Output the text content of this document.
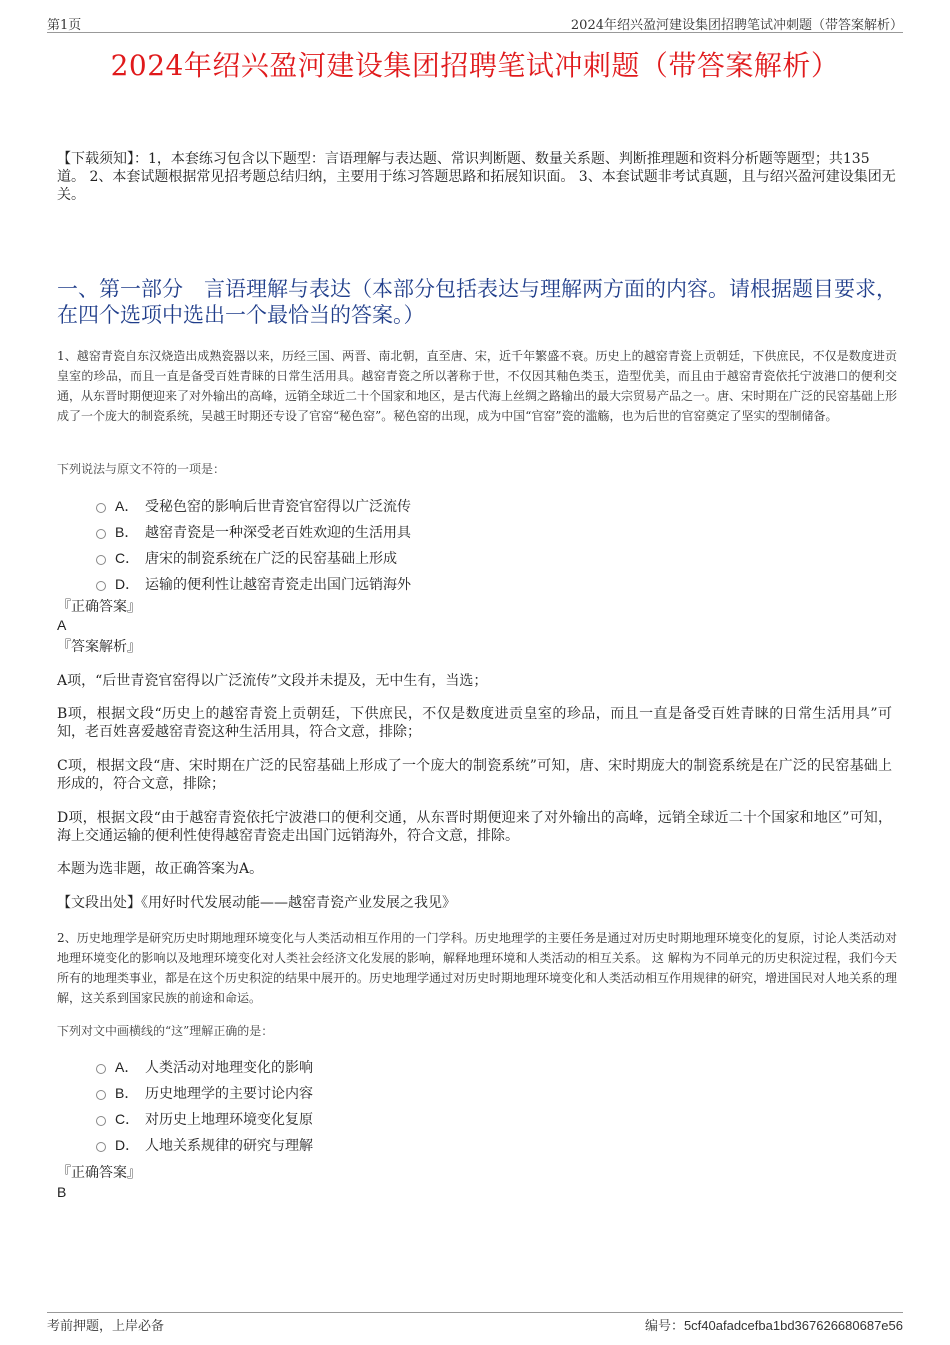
第1页	2024年绍兴盈河建设集团招聘笔试冲刺题（带答案解析）
2024年绍兴盈河建设集团招聘笔试冲刺题（带答案解析）
【下载须知】：1，本套练习包含以下题型：言语理解与表达题、常识判断题、数量关系题、判断推理题和资料分析题等题型；共135道。 2、本套试题根据常见招考题总结归纳，主要用于练习答题思路和拓展知识面。 3、本套试题非考试真题，且与绍兴盈河建设集团无关。
一、第一部分　言语理解与表达（本部分包括表达与理解两方面的内容。请根据题目要求，在四个选项中选出一个最恰当的答案。）
1、越窑青瓷自东汉烧造出成熟瓷器以来，历经三国、两晋、南北朝，直至唐、宋，近千年繁盛不衰。历史上的越窑青瓷上贡朝廷，下供庶民，不仅是数度进贡皇室的珍品，而且一直是备受百姓青睐的日常生活用具。越窑青瓷之所以著称于世，不仅因其釉色类玉，造型优美，而且由于越窑青瓷依托宁波港口的便利交通，从东晋时期便迎来了对外输出的高峰，远销全球近二十个国家和地区，是古代海上丝绸之路输出的最大宗贸易产品之一。唐、宋时期在广泛的民窑基础上形成了一个庞大的制瓷系统，吴越王时期还专设了官窑“秘色窑”。秘色窑的出现，成为中国“官窑”瓷的滥觞，也为后世的官窑奠定了坚实的型制储备。
下列说法与原文不符的一项是：
A． 受秘色窑的影响后世青瓷官窑得以广泛流传
B． 越窑青瓷是一种深受老百姓欢迎的生活用具
C． 唐宋的制瓷系统在广泛的民窑基础上形成
D． 运输的便利性让越窑青瓷走出国门远销海外
『正确答案』
A
『答案解析』
A项，“后世青瓷官窑得以广泛流传”文段并未提及，无中生有，当选；
B项，根据文段“历史上的越窑青瓷上贡朝廷，下供庶民，不仅是数度进贡皇室的珍品，而且一直是备受百姓青睐的日常生活用具”可知，老百姓喜爱越窑青瓷这种生活用具，符合文意，排除；
C项，根据文段“唐、宋时期在广泛的民窑基础上形成了一个庞大的制瓷系统”可知，唐、宋时期庞大的制瓷系统是在广泛的民窑基础上形成的，符合文意，排除；
D项，根据文段“由于越窑青瓷依托宁波港口的便利交通，从东晋时期便迎来了对外输出的高峰，远销全球近二十个国家和地区”可知，海上交通运输的便利性使得越窑青瓷走出国门远销海外，符合文意，排除。
本题为选非题，故正确答案为A。
【文段出处】《用好时代发展动能——越窑青瓷产业发展之我见》
2、历史地理学是研究历史时期地理环境变化与人类活动相互作用的一门学科。历史地理学的主要任务是通过对历史时期地理环境变化的复原，讨论人类活动对地理环境变化的影响以及地理环境变化对人类社会经济文化发展的影响，解释地理环境和人类活动的相互关系。 这 解构为不同单元的历史积淀过程，我们今天所有的地理类事业，都是在这个历史积淀的结果中展开的。历史地理学通过对历史时期地理环境变化和人类活动相互作用规律的研究，增进国民对人地关系的理解，这关系到国家民族的前途和命运。
下列对文中画横线的“这”理解正确的是：
A． 人类活动对地理变化的影响
B． 历史地理学的主要讨论内容
C． 对历史上地理环境变化复原
D． 人地关系规律的研究与理解
『正确答案』
B
考前押题，上岸必备	编号：5cf40afadcefba1bd367626680687e56
